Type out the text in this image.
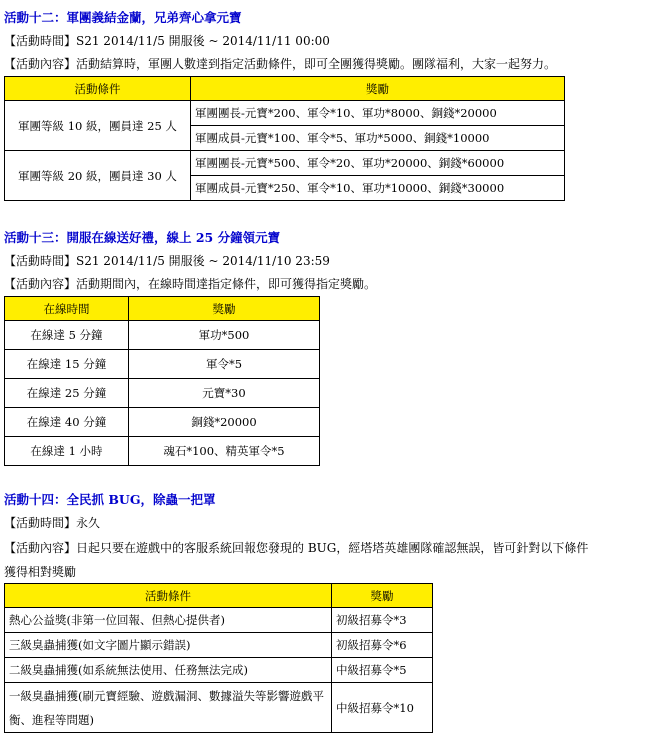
活動十二：軍團義結金蘭，兄弟齊心拿元寶
【活動時間】S21 2014/11/5 開服後 ~ 2014/11/11 00:00
【活動內容】活動結算時，軍團人數達到指定活動條件，即可全團獲得獎勵。團隊福利，大家一起努力。
活動條件	獎勵
軍團等級 10 級，團員達 25 人	軍團團長-元寶*200、軍令*10、軍功*8000、銅錢*20000
	軍團成員-元寶*100、軍令*5、軍功*5000、銅錢*10000
軍團等級 20 級，團員達 30 人	軍團團長-元寶*500、軍令*20、軍功*20000、銅錢*60000
	軍團成員-元寶*250、軍令*10、軍功*10000、銅錢*30000
活動十三：開服在線送好禮，線上 25 分鐘領元寶
【活動時間】S21 2014/11/5 開服後 ~ 2014/11/10 23:59
【活動內容】活動期間內，在線時間達指定條件，即可獲得指定獎勵。
在線時間	獎勵
在線達 5 分鐘	軍功*500
在線達 15 分鐘	軍令*5
在線達 25 分鐘	元寶*30
在線達 40 分鐘	銅錢*20000
在線達 1 小時	魂石*100、精英軍令*5
活動十四：全民抓 BUG，除蟲一把罩
【活動時間】永久
【活動內容】日起只要在遊戲中的客服系統回報您發現的 BUG，經塔塔英雄團隊確認無誤，皆可針對以下條件
獲得相對獎勵
活動條件	獎勵
熱心公益獎(非第一位回報、但熱心提供者)	初級招募令*3
三級臭蟲捕獲(如文字圖片顯示錯誤)	初級招募令*6
二級臭蟲捕獲(如系統無法使用、任務無法完成)	中級招募令*5
一級臭蟲捕獲(刷元寶經驗、遊戲漏洞、數據溢失等影響遊戲平衡、進程等問題)	中級招募令*10
